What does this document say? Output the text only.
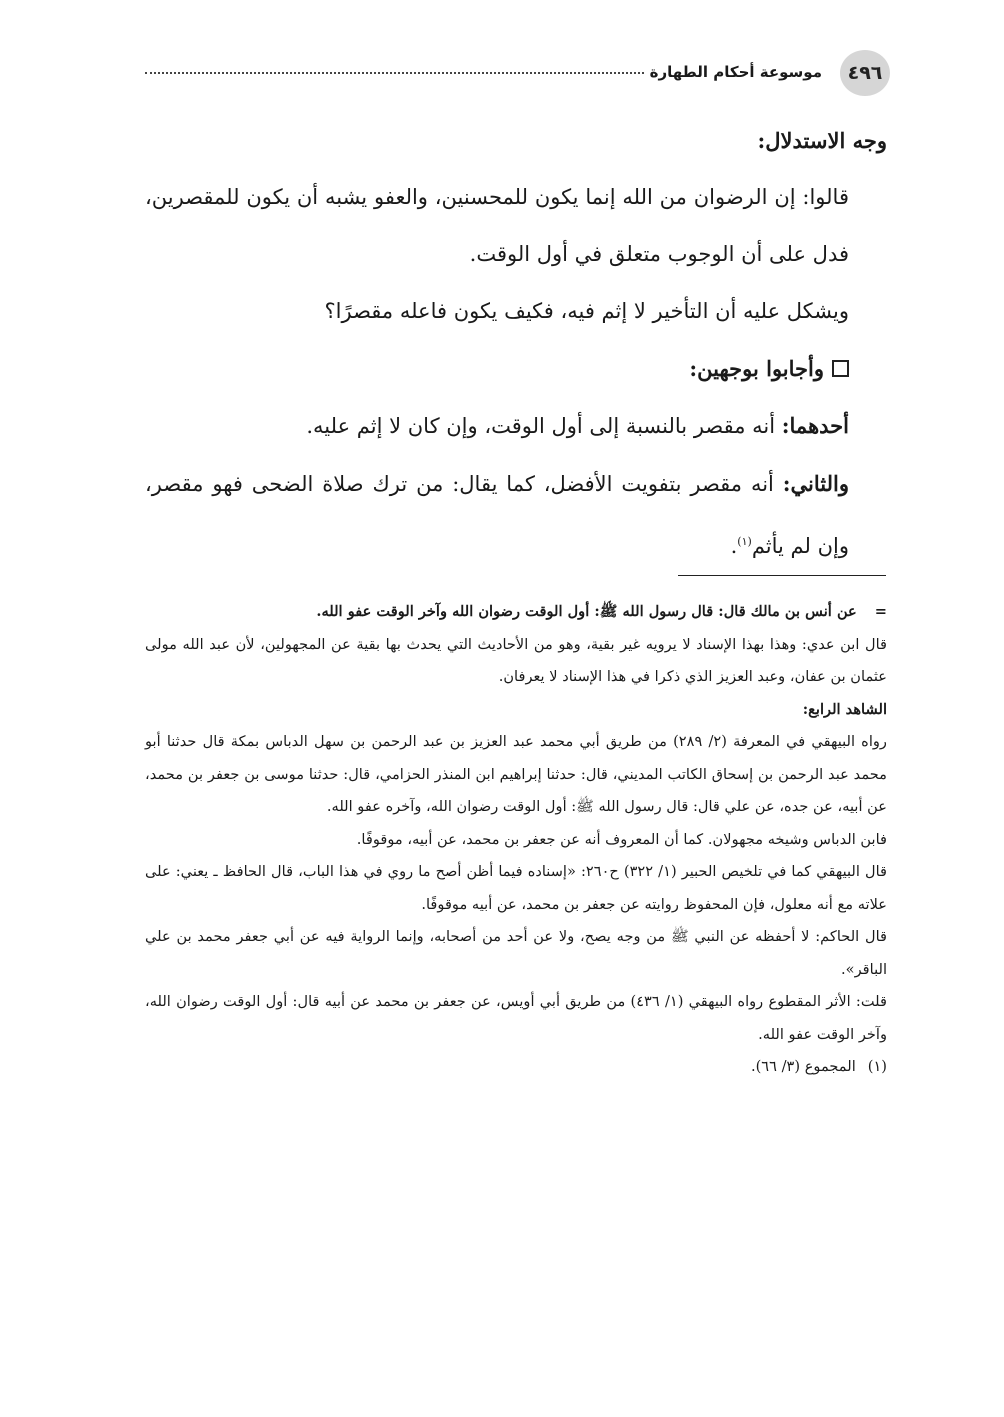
٤٩٦
موسوعة أحكام الطهارة

وجه الاستدلال:

قالوا: إن الرضوان من الله إنما يكون للمحسنين، والعفو يشبه أن يكون للمقصرين، فدل على أن الوجوب متعلق في أول الوقت.

ويشكل عليه أن التأخير لا إثم فيه، فكيف يكون فاعله مقصرًا؟

وأجابوا بوجهين:

أحدهما: أنه مقصر بالنسبة إلى أول الوقت، وإن كان لا إثم عليه.

والثاني: أنه مقصر بتفويت الأفضل، كما يقال: من ترك صلاة الضحى فهو مقصر، وإن لم يأثم$^{(١)}$.

=عن أنس بن مالك قال: قال رسول الله ﷺ: أول الوقت رضوان الله وآخر الوقت عفو الله.

قال ابن عدي: وهذا بهذا الإسناد لا يرويه غير بقية، وهو من الأحاديث التي يحدث بها بقية عن المجهولين، لأن عبد الله مولى عثمان بن عفان، وعبد العزيز الذي ذكرا في هذا الإسناد لا يعرفان.

الشاهد الرابع:

رواه البيهقي في المعرفة (٢/ ٢٨٩) من طريق أبي محمد عبد العزيز بن عبد الرحمن بن سهل الدباس بمكة قال حدثنا أبو محمد عبد الرحمن بن إسحاق الكاتب المديني، قال: حدثنا إبراهيم ابن المنذر الحزامي، قال: حدثنا موسى بن جعفر بن محمد، عن أبيه، عن جده، عن علي قال: قال رسول الله ﷺ: أول الوقت رضوان الله، وآخره عفو الله.

فابن الدباس وشيخه مجهولان. كما أن المعروف أنه عن جعفر بن محمد، عن أبيه، موقوفًا.

قال البيهقي كما في تلخيص الحبير (١/ ٣٢٢) ح٢٦٠: «إسناده فيما أظن أصح ما روي في هذا الباب، قال الحافظ ـ يعني: على علاته مع أنه معلول، فإن المحفوظ روايته عن جعفر بن محمد، عن أبيه موقوفًا.

قال الحاكم: لا أحفظه عن النبي ﷺ من وجه يصح، ولا عن أحد من أصحابه، وإنما الرواية فيه عن أبي جعفر محمد بن علي الباقر».

قلت: الأثر المقطوع رواه البيهقي (١/ ٤٣٦) من طريق أبي أويس، عن جعفر بن محمد عن أبيه قال: أول الوقت رضوان الله، وآخر الوقت عفو الله.

(١)المجموع (٣/ ٦٦).
